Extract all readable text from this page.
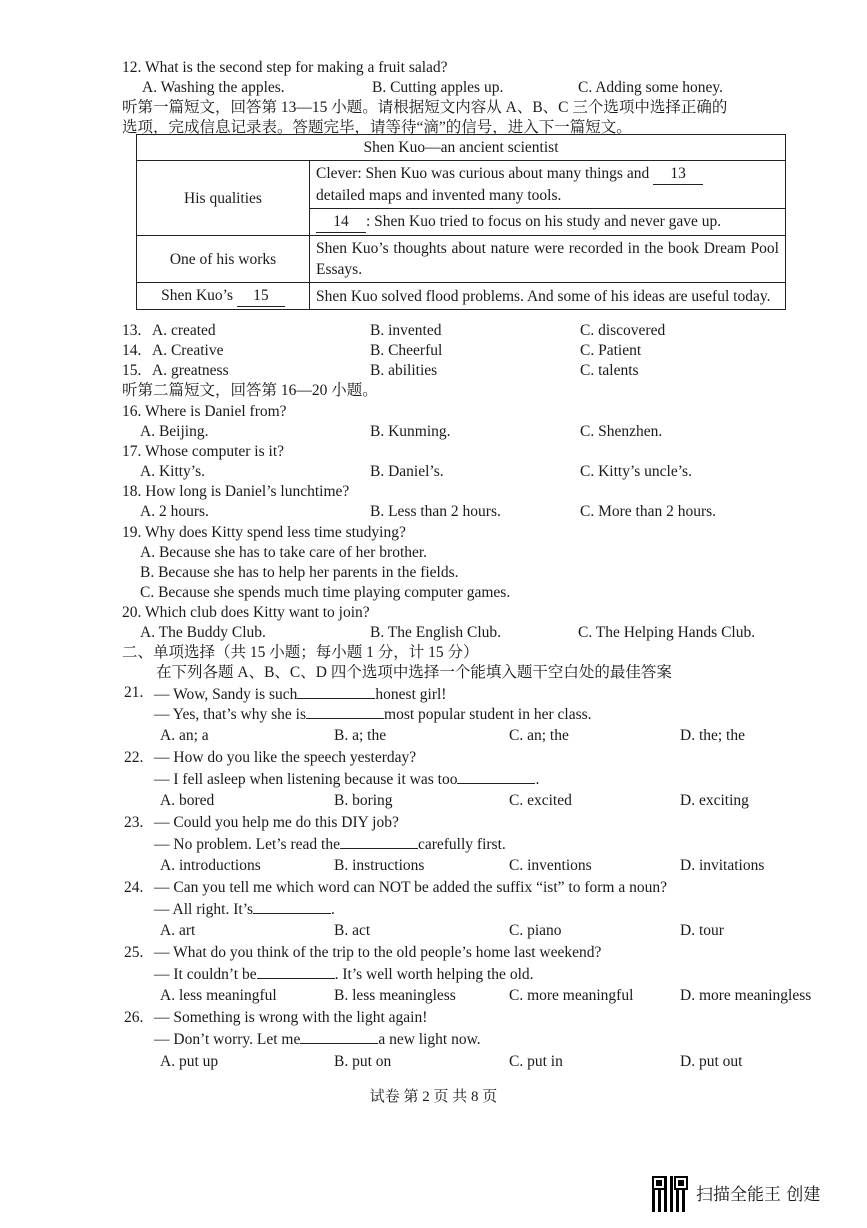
12. What is the second step for making a fruit salad?
A. Washing the apples.	B. Cutting apples up.	C. Adding some honey.
听第一篇短文，回答第 13—15 小题。请根据短文内容从 A、B、C 三个选项中选择正确的
选项，完成信息记录表。答题完毕，请等待“滴”的信号，进入下一篇短文。
Shen Kuo—an ancient scientist	
His qualities	Clever: Shen Kuo was curious about many things and 13
detailed maps and invented many tools.
	14 : Shen Kuo tried to focus on his study and never gave up.
One of his works	Shen Kuo’s thoughts about nature were recorded in the book Dream Pool Essays.
Shen Kuo’s 15	Shen Kuo solved flood problems. And some of his ideas are useful today.
13. A. created	B. invented	C. discovered
14. A. Creative	B. Cheerful	C. Patient
15. A. greatness	B. abilities	C. talents
听第二篇短文，回答第 16—20 小题。
16. Where is Daniel from?
A. Beijing.	B. Kunming.	C. Shenzhen.
17. Whose computer is it?
A. Kitty’s.	B. Daniel’s.	C. Kitty’s uncle’s.
18. How long is Daniel’s lunchtime?
A. 2 hours.	B. Less than 2 hours.	C. More than 2 hours.
19. Why does Kitty spend less time studying?
A. Because she has to take care of her brother.
B. Because she has to help her parents in the fields.
C. Because she spends much time playing computer games.
20. Which club does Kitty want to join?
A. The Buddy Club.	B. The English Club.	C. The Helping Hands Club.
二、单项选择（共 15 小题；每小题 1 分，计 15 分）
在下列各题 A、B、C、D 四个选项中选择一个能填入题干空白处的最佳答案
21. — Wow, Sandy is such	honest girl!
— Yes, that’s why she is	most popular student in her class.
A. an; a	B. a; the	C. an; the	D. the; the
22. — How do you like the speech yesterday?
— I fell asleep when listening because it was too	.
A. bored	B. boring	C. excited	D. exciting
23. — Could you help me do this DIY job?
— No problem. Let’s read the	carefully first.
A. introductions	B. instructions	C. inventions	D. invitations
24. — Can you tell me which word can NOT be added the suffix “ist” to form a noun?
— All right. It’s	.
A. art	B. act	C. piano	D. tour
25. — What do you think of the trip to the old people’s home last weekend?
— It couldn’t be	. It’s well worth helping the old.
A. less meaningful	B. less meaningless	C. more meaningful	D. more meaningless
26. — Something is wrong with the light again!
— Don’t worry. Let me	a new light now.
A. put up	B. put on	C. put in	D. put out
试卷 第 2 页 共 8 页
扫描全能王 创建
